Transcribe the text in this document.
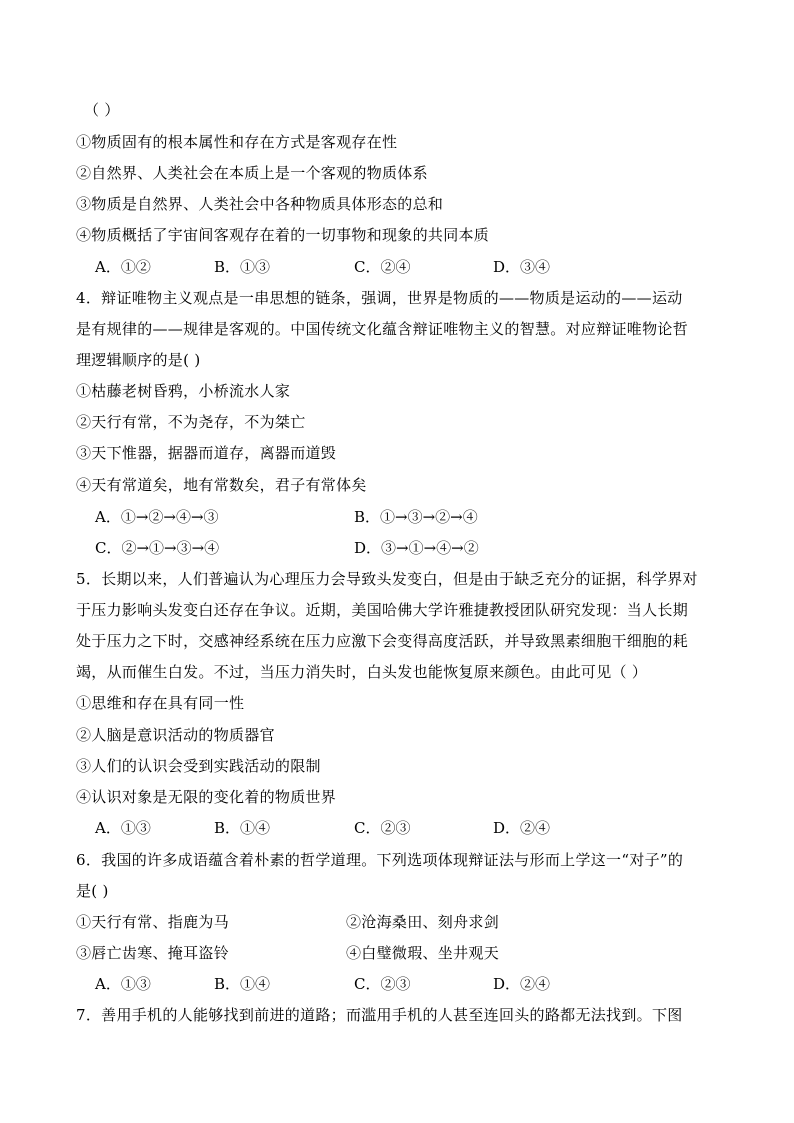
（ ）
①物质固有的根本属性和存在方式是客观存在性
②自然界、人类社会在本质上是一个客观的物质体系
③物质是自然界、人类社会中各种物质具体形态的总和
④物质概括了宇宙间客观存在着的一切事物和现象的共同本质
A．①②	B．①③	C．②④	D．③④
4．辩证唯物主义观点是一串思想的链条，强调，世界是物质的——物质是运动的——运动
是有规律的——规律是客观的。中国传统文化蕴含辩证唯物主义的智慧。对应辩证唯物论哲
理逻辑顺序的是( )
①枯藤老树昏鸦，小桥流水人家
②天行有常，不为尧存，不为桀亡
③天下惟器，据器而道存，离器而道毁
④天有常道矣，地有常数矣，君子有常体矣
A．①→②→④→③	B．①→③→②→④
C．②→①→③→④	D．③→①→④→②
5．长期以来，人们普遍认为心理压力会导致头发变白，但是由于缺乏充分的证据，科学界对
于压力影响头发变白还存在争议。近期，美国哈佛大学许雅捷教授团队研究发现：当人长期
处于压力之下时，交感神经系统在压力应激下会变得高度活跃，并导致黑素细胞干细胞的耗
竭，从而催生白发。不过，当压力消失时，白头发也能恢复原来颜色。由此可见（ ）
①思维和存在具有同一性
②人脑是意识活动的物质器官
③人们的认识会受到实践活动的限制
④认识对象是无限的变化着的物质世界
A．①③	B．①④	C．②③	D．②④
6．我国的许多成语蕴含着朴素的哲学道理。下列选项体现辩证法与形而上学这一“对子”的
是( )
①天行有常、指鹿为马	②沧海桑田、刻舟求剑
③唇亡齿寒、掩耳盗铃	④白璧微瑕、坐井观天
A．①③	B．①④	C．②③	D．②④
7．善用手机的人能够找到前进的道路；而滥用手机的人甚至连回头的路都无法找到。下图
